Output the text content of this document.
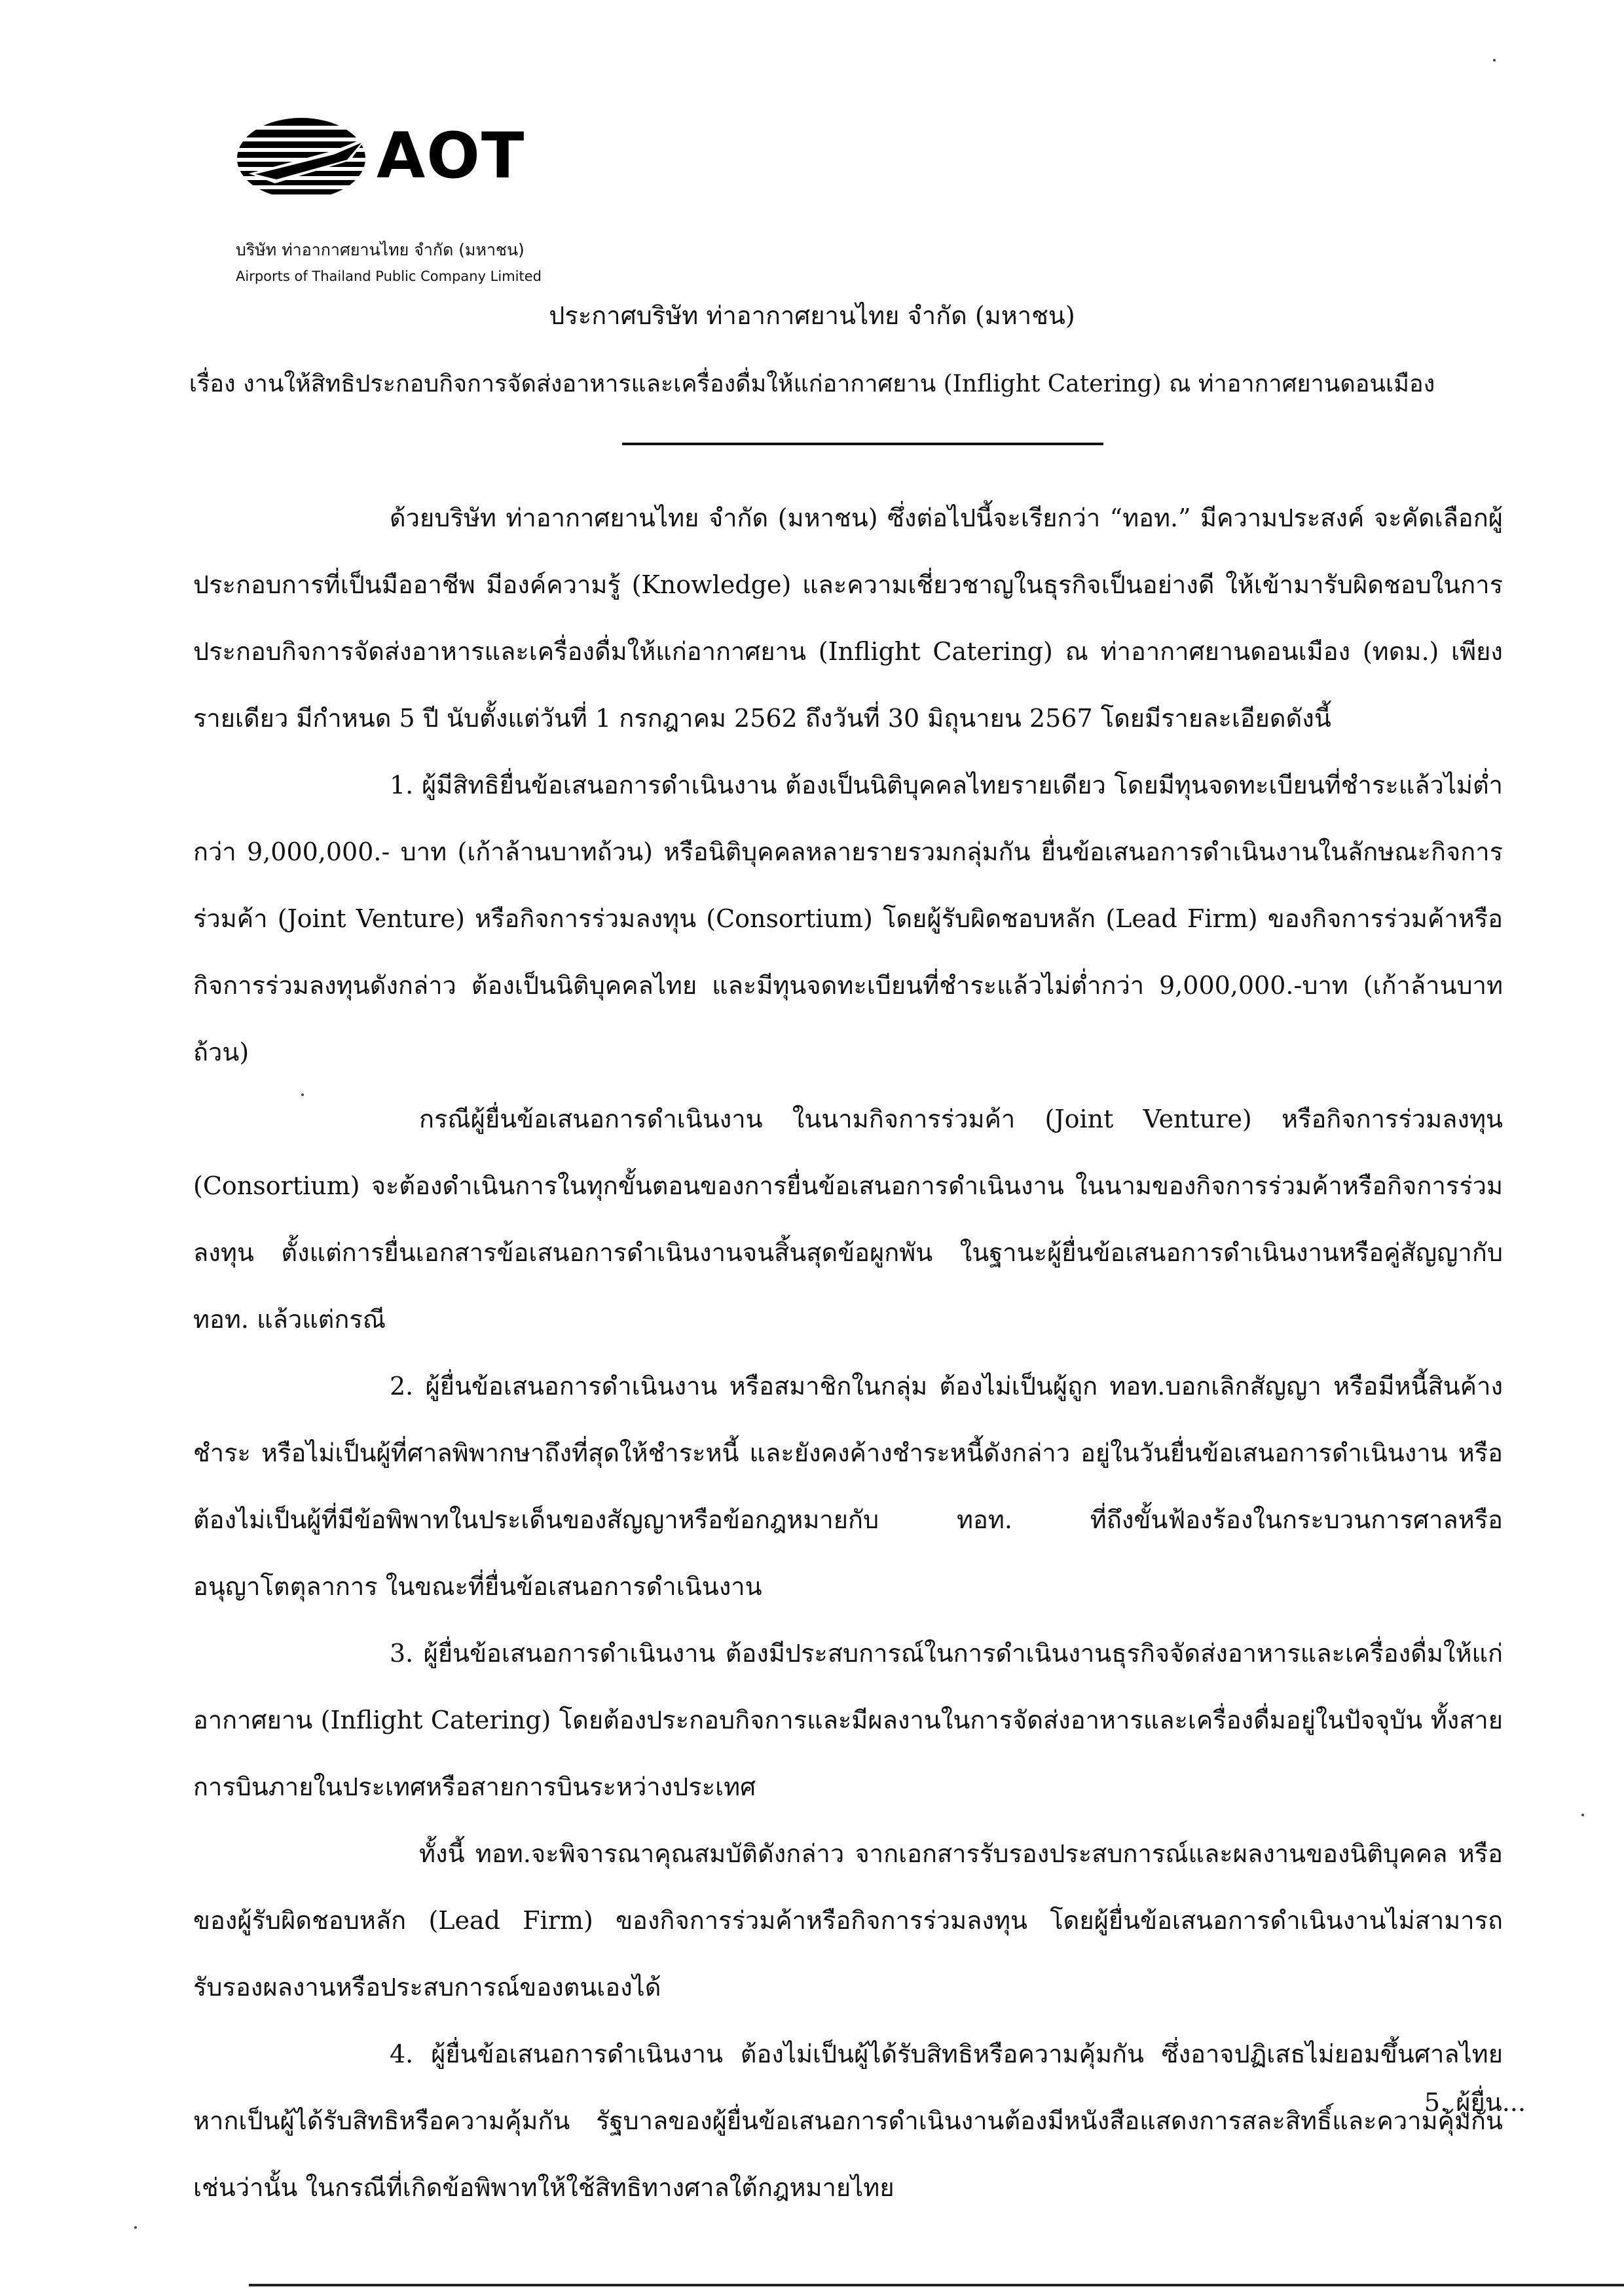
AOT
บริษัท ท่าอากาศยานไทย จำกัด (มหาชน)
Airports of Thailand Public Company Limited
ประกาศบริษัท ท่าอากาศยานไทย จำกัด (มหาชน)
เรื่อง งานให้สิทธิประกอบกิจการจัดส่งอาหารและเครื่องดื่มให้แก่อากาศยาน (Inflight Catering) ณ ท่าอากาศยานดอนเมือง

ด้วยบริษัท ท่าอากาศยานไทย จำกัด (มหาชน) ซึ่งต่อไปนี้จะเรียกว่า “ทอท.” มีความประสงค์ จะคัดเลือกผู้ประกอบการที่เป็นมืออาชีพ มีองค์ความรู้ (Knowledge) และความเชี่ยวชาญในธุรกิจเป็นอย่างดี ให้เข้ามารับผิดชอบในการประกอบกิจการจัดส่งอาหารและเครื่องดื่มให้แก่อากาศยาน (Inflight Catering) ณ ท่าอากาศยานดอนเมือง (ทดม.) เพียงรายเดียว มีกำหนด 5 ปี นับตั้งแต่วันที่ 1 กรกฎาคม 2562 ถึงวันที่ 30 มิถุนายน 2567 โดยมีรายละเอียดดังนี้

1. ผู้มีสิทธิยื่นข้อเสนอการดำเนินงาน ต้องเป็นนิติบุคคลไทยรายเดียว โดยมีทุนจดทะเบียนที่ชำระแล้วไม่ต่ำกว่า 9,000,000.- บาท (เก้าล้านบาทถ้วน) หรือนิติบุคคลหลายรายรวมกลุ่มกัน ยื่นข้อเสนอการดำเนินงานในลักษณะกิจการร่วมค้า (Joint Venture) หรือกิจการร่วมลงทุน (Consortium) โดยผู้รับผิดชอบหลัก (Lead Firm) ของกิจการร่วมค้าหรือกิจการร่วมลงทุนดังกล่าว ต้องเป็นนิติบุคคลไทย และมีทุนจดทะเบียนที่ชำระแล้วไม่ต่ำกว่า 9,000,000.-บาท (เก้าล้านบาทถ้วน)

กรณีผู้ยื่นข้อเสนอการดำเนินงาน ในนามกิจการร่วมค้า (Joint Venture) หรือกิจการร่วมลงทุน (Consortium) จะต้องดำเนินการในทุกขั้นตอนของการยื่นข้อเสนอการดำเนินงาน ในนามของกิจการร่วมค้าหรือกิจการร่วมลงทุน ตั้งแต่การยื่นเอกสารข้อเสนอการดำเนินงานจนสิ้นสุดข้อผูกพัน ในฐานะผู้ยื่นข้อเสนอการดำเนินงานหรือคู่สัญญากับ ทอท. แล้วแต่กรณี

2. ผู้ยื่นข้อเสนอการดำเนินงาน หรือสมาชิกในกลุ่ม ต้องไม่เป็นผู้ถูก ทอท.บอกเลิกสัญญา หรือมีหนี้สินค้างชำระ หรือไม่เป็นผู้ที่ศาลพิพากษาถึงที่สุดให้ชำระหนี้ และยังคงค้างชำระหนี้ดังกล่าว อยู่ในวันยื่นข้อเสนอการดำเนินงาน หรือต้องไม่เป็นผู้ที่มีข้อพิพาทในประเด็นของสัญญาหรือข้อกฎหมายกับ ทอท. ที่ถึงขั้นฟ้องร้องในกระบวนการศาลหรืออนุญาโตตุลาการ ในขณะที่ยื่นข้อเสนอการดำเนินงาน

3. ผู้ยื่นข้อเสนอการดำเนินงาน ต้องมีประสบการณ์ในการดำเนินงานธุรกิจจัดส่งอาหารและเครื่องดื่มให้แก่อากาศยาน (Inflight Catering) โดยต้องประกอบกิจการและมีผลงานในการจัดส่งอาหารและเครื่องดื่มอยู่ในปัจจุบัน ทั้งสายการบินภายในประเทศหรือสายการบินระหว่างประเทศ

ทั้งนี้ ทอท.จะพิจารณาคุณสมบัติดังกล่าว จากเอกสารรับรองประสบการณ์และผลงานของนิติบุคคล หรือของผู้รับผิดชอบหลัก (Lead Firm) ของกิจการร่วมค้าหรือกิจการร่วมลงทุน โดยผู้ยื่นข้อเสนอการดำเนินงานไม่สามารถรับรองผลงานหรือประสบการณ์ของตนเองได้

4. ผู้ยื่นข้อเสนอการดำเนินงาน ต้องไม่เป็นผู้ได้รับสิทธิหรือความคุ้มกัน ซึ่งอาจปฏิเสธไม่ยอมขึ้นศาลไทย หากเป็นผู้ได้รับสิทธิหรือความคุ้มกัน รัฐบาลของผู้ยื่นข้อเสนอการดำเนินงานต้องมีหนังสือแสดงการสละสิทธิ์และความคุ้มกันเช่นว่านั้น ในกรณีที่เกิดข้อพิพาทให้ใช้สิทธิทางศาลใต้กฎหมายไทย

5. ผู้ยื่น...
